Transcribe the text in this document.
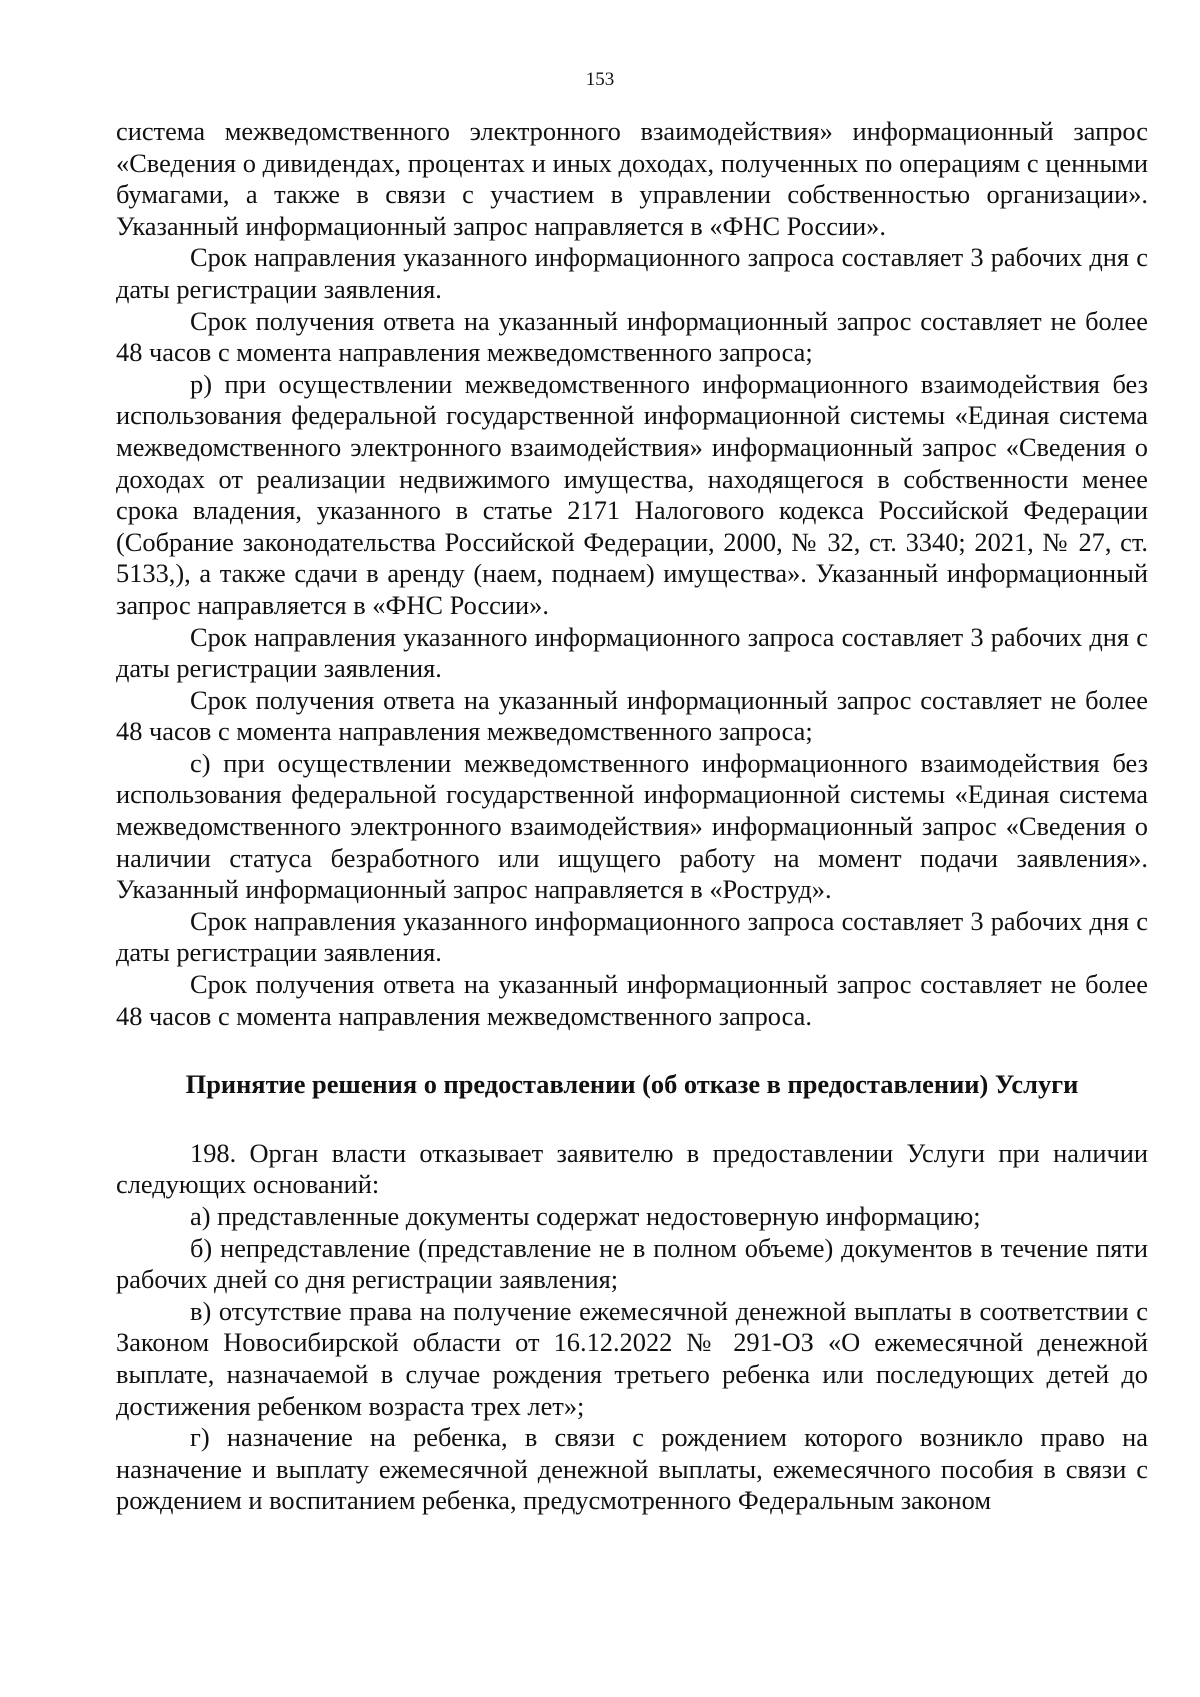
153

система межведомственного электронного взаимодействия» информационный запрос «Сведения о дивидендах, процентах и иных доходах, полученных по операциям с ценными бумагами, а также в связи с участием в управлении собственностью организации». Указанный информационный запрос направляется в «ФНС России».

Срок направления указанного информационного запроса составляет 3 рабочих дня с даты регистрации заявления.

Срок получения ответа на указанный информационный запрос составляет не более 48 часов с момента направления межведомственного запроса;

р) при осуществлении межведомственного информационного взаимодействия без использования федеральной государственной информационной системы «Единая система межведомственного электронного взаимодействия» информационный запрос «Сведения о доходах от реализации недвижимого имущества, находящегося в собственности менее срока владения, указанного в статье 2171 Налогового кодекса Российской Федерации (Собрание законодательства Российской Федерации, 2000, № 32, ст. 3340; 2021, № 27, ст. 5133,), а также сдачи в аренду (наем, поднаем) имущества». Указанный информационный запрос направляется в «ФНС России».

Срок направления указанного информационного запроса составляет 3 рабочих дня с даты регистрации заявления.

Срок получения ответа на указанный информационный запрос составляет не более 48 часов с момента направления межведомственного запроса;

с) при осуществлении межведомственного информационного взаимодействия без использования федеральной государственной информационной системы «Единая система межведомственного электронного взаимодействия» информационный запрос «Сведения о наличии статуса безработного или ищущего работу на момент подачи заявления». Указанный информационный запрос направляется в «Роструд».

Срок направления указанного информационного запроса составляет 3 рабочих дня с даты регистрации заявления.

Срок получения ответа на указанный информационный запрос составляет не более 48 часов с момента направления межведомственного запроса.

Принятие решения о предоставлении (об отказе в предоставлении) Услуги

198. Орган власти отказывает заявителю в предоставлении Услуги при наличии следующих оснований:

а) представленные документы содержат недостоверную информацию;

б) непредставление (представление не в полном объеме) документов в течение пяти рабочих дней со дня регистрации заявления;

в) отсутствие права на получение ежемесячной денежной выплаты в соответствии с Законом Новосибирской области от 16.12.2022 № 291-ОЗ «О ежемесячной денежной выплате, назначаемой в случае рождения третьего ребенка или последующих детей до достижения ребенком возраста трех лет»;

г) назначение на ребенка, в связи с рождением которого возникло право на назначение и выплату ежемесячной денежной выплаты, ежемесячного пособия в связи с рождением и воспитанием ребенка, предусмотренного Федеральным законом
